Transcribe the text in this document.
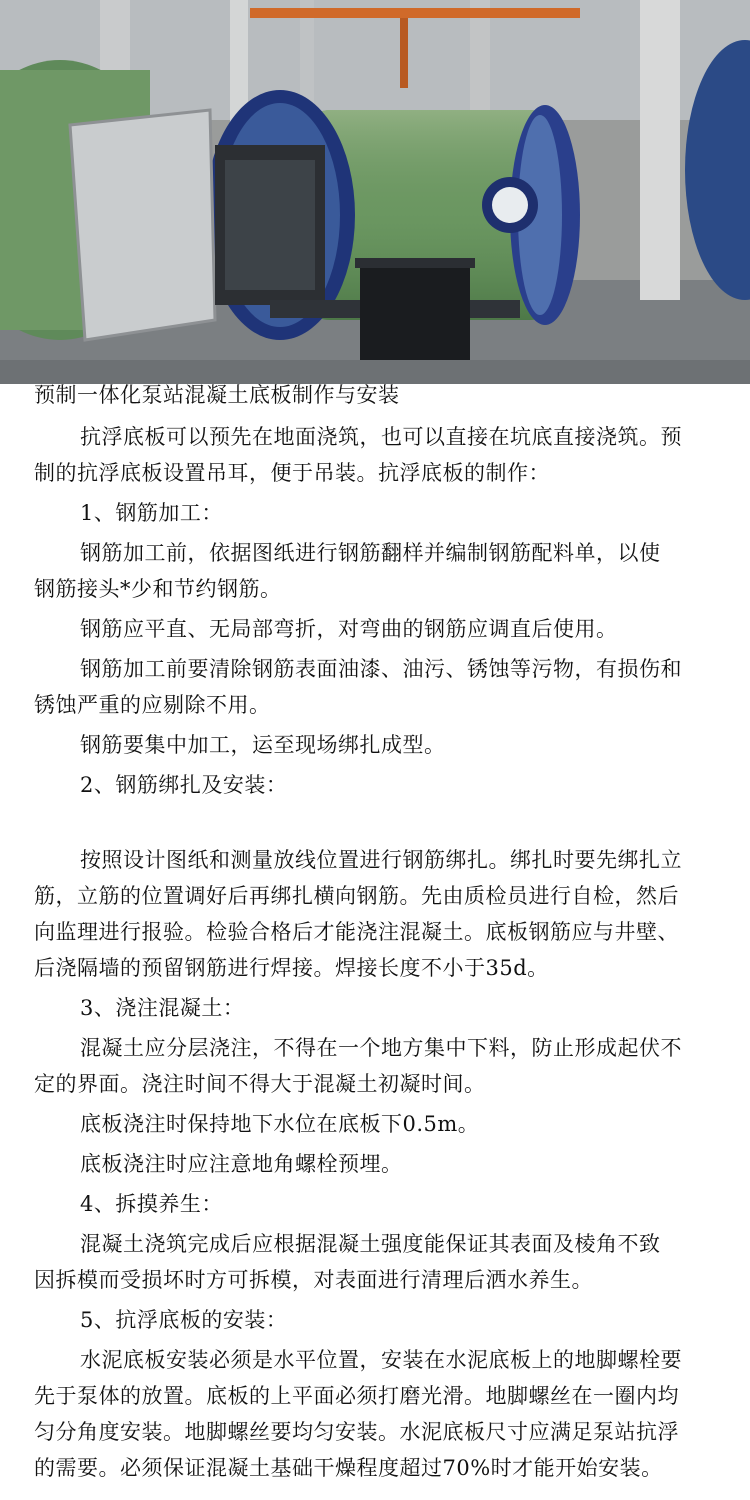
预制一体化泵站混凝土底板制作与安装
抗浮底板可以预先在地面浇筑，也可以直接在坑底直接浇筑。预
制的抗浮底板设置吊耳，便于吊装。抗浮底板的制作：
1、钢筋加工：
钢筋加工前，依据图纸进行钢筋翻样并编制钢筋配料单，以使
钢筋接头*少和节约钢筋。
钢筋应平直、无局部弯折，对弯曲的钢筋应调直后使用。
钢筋加工前要清除钢筋表面油漆、油污、锈蚀等污物，有损伤和
锈蚀严重的应剔除不用。
钢筋要集中加工，运至现场绑扎成型。
2、钢筋绑扎及安装：
按照设计图纸和测量放线位置进行钢筋绑扎。绑扎时要先绑扎立
筋，立筋的位置调好后再绑扎横向钢筋。先由质检员进行自检，然后
向监理进行报验。检验合格后才能浇注混凝土。底板钢筋应与井壁、
后浇隔墙的预留钢筋进行焊接。焊接长度不小于35d。
3、浇注混凝土：
混凝土应分层浇注，不得在一个地方集中下料，防止形成起伏不
定的界面。浇注时间不得大于混凝土初凝时间。
底板浇注时保持地下水位在底板下0.5m。
底板浇注时应注意地角螺栓预埋。
4、拆摸养生：
混凝土浇筑完成后应根据混凝土强度能保证其表面及棱角不致
因拆模而受损坏时方可拆模，对表面进行清理后洒水养生。
5、抗浮底板的安装：
水泥底板安装必须是水平位置，安装在水泥底板上的地脚螺栓要
先于泵体的放置。底板的上平面必须打磨光滑。地脚螺丝在一圈内均
匀分角度安装。地脚螺丝要均匀安装。水泥底板尺寸应满足泵站抗浮
的需要。必须保证混凝土基础干燥程度超过70%时才能开始安装。
